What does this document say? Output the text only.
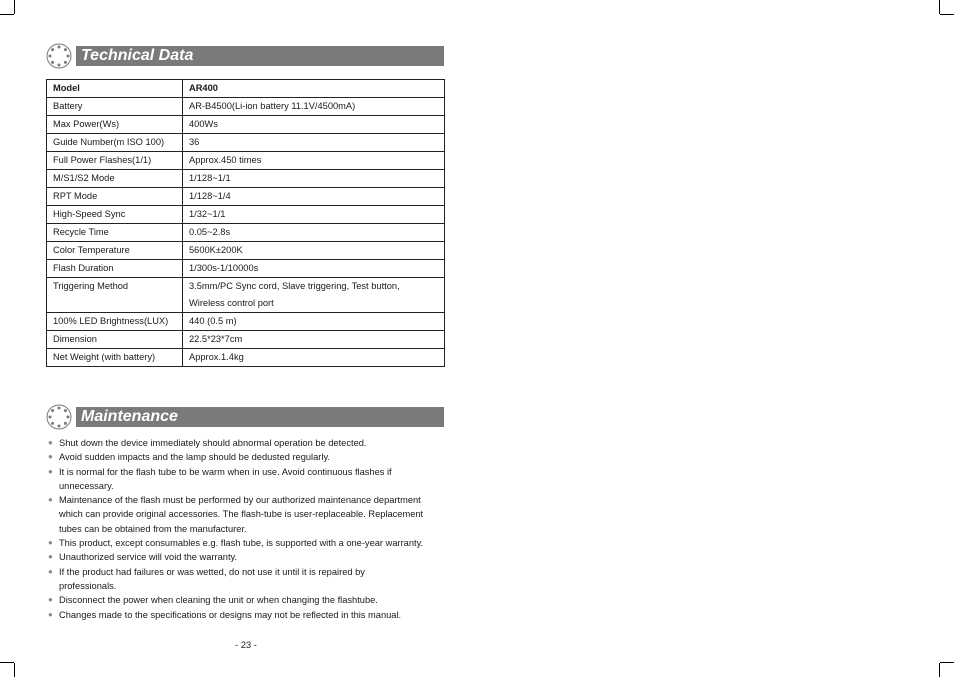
Technical Data
Model	AR400
Battery	AR-B4500(Li-ion battery 11.1V/4500mA)
Max Power(Ws)	400Ws
Guide Number(m ISO 100)	36
Full Power Flashes(1/1)	Approx.450 times
M/S1/S2 Mode	1/128~1/1
RPT Mode	1/128~1/4
High-Speed Sync	1/32~1/1
Recycle Time	0.05~2.8s
Color Temperature	5600K±200K
Flash Duration	1/300s-1/10000s
Triggering Method	3.5mm/PC Sync cord, Slave triggering, Test button,
Wireless control port

100% LED Brightness(LUX)	440 (0.5 m)
Dimension	22.5*23*7cm
Net Weight (with battery)	Approx.1.4kg
Maintenance
● Shut down the device immediately should abnormal operation be detected.
● Avoid sudden impacts and the lamp should be dedusted regularly.
● It is normal for the flash tube to be warm when in use. Avoid continuous flashes if
unnecessary.
● Maintenance of the flash must be performed by our authorized maintenance department
which can provide original accessories. The flash-tube is user-replaceable. Replacement
tubes can be obtained from the manufacturer.
● This product, except consumables e.g. flash tube, is supported with a one-year warranty.
● Unauthorized service will void the warranty.
● If the product had failures or was wetted, do not use it until it is repaired by
professionals.
● Disconnect the power when cleaning the unit or when changing the flashtube.
● Changes made to the specifications or designs may not be reflected in this manual.
- 23 -
